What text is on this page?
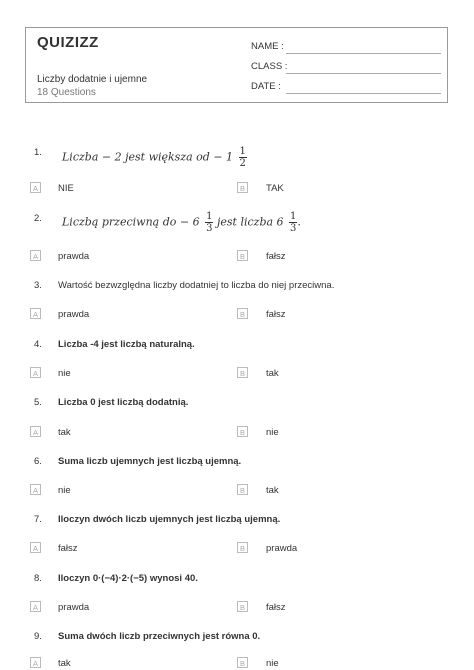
QUIZIZZ
Liczby dodatnie i ujemne
18 Questions
NAME :
CLASS :
DATE :
1. Liczba − 2 jest większa od − $1 \frac{1}{2}$
A	NIE	B	TAK
2. Liczbą przeciwną do − $6 \frac{1}{3}$ jest liczba $6 \frac{1}{3}$ .
A	prawda	B	fałsz
3. Wartość bezwzględna liczby dodatniej to liczba do niej przeciwna.
A	prawda	B	fałsz
4. Liczba -4 jest liczbą naturalną.
A	nie	B	tak
5. Liczba 0 jest liczbą dodatnią.
A	tak	B	nie
6. Suma liczb ujemnych jest liczbą ujemną.
A	nie	B	tak
7. Iloczyn dwóch liczb ujemnych jest liczbą ujemną.
A	fałsz	B	prawda
8. Iloczyn 0·(−4)·2·(−5) wynosi 40.
A	prawda	B	fałsz
9. Suma dwóch liczb przeciwnych jest równa 0.
A	tak	B	nie
